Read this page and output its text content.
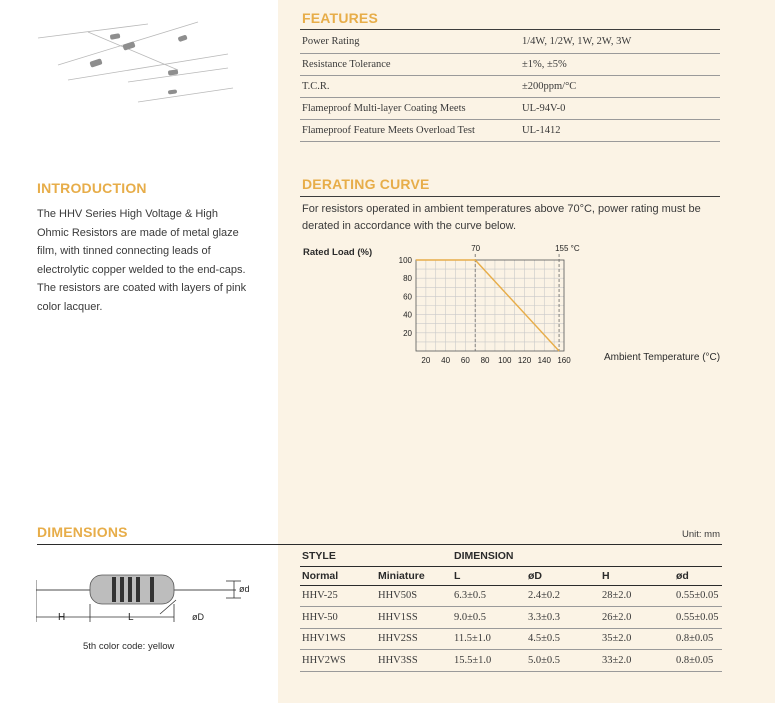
FEATURES
Power Rating	1/4W, 1/2W, 1W, 2W, 3W
Resistance Tolerance	±1%, ±5%
T.C.R.	±200ppm/°C
Flameproof Multi-layer Coating Meets	UL-94V-0
Flameproof Feature Meets Overload Test	UL-1412
INTRODUCTION
The HHV Series High Voltage & High Ohmic Resistors are made of metal glaze film, with tinned connecting leads of electrolytic copper welded to the end-caps. The resistors are coated with layers of pink color lacquer.
DERATING CURVE
For resistors operated in ambient temperatures above 70°C, power rating must be derated in accordance with the curve below.
Rated Load (%)
Ambient Temperature (°C)
70	155 °C
20
40
60
80
100
20 40 60 80 100 120 140 160
DIMENSIONS	Unit: mm
H	L
ød
øD
5th color code: yellow
STYLE		DIMENSION			
Normal	Miniature	L	øD	H	ød
HHV-25	HHV50S	6.3±0.5	2.4±0.2	28±2.0	0.55±0.05
HHV-50	HHV1SS	9.0±0.5	3.3±0.3	26±2.0	0.55±0.05
HHV1WS	HHV2SS	11.5±1.0	4.5±0.5	35±2.0	0.8±0.05
HHV2WS	HHV3SS	15.5±1.0	5.0±0.5	33±2.0	0.8±0.05
